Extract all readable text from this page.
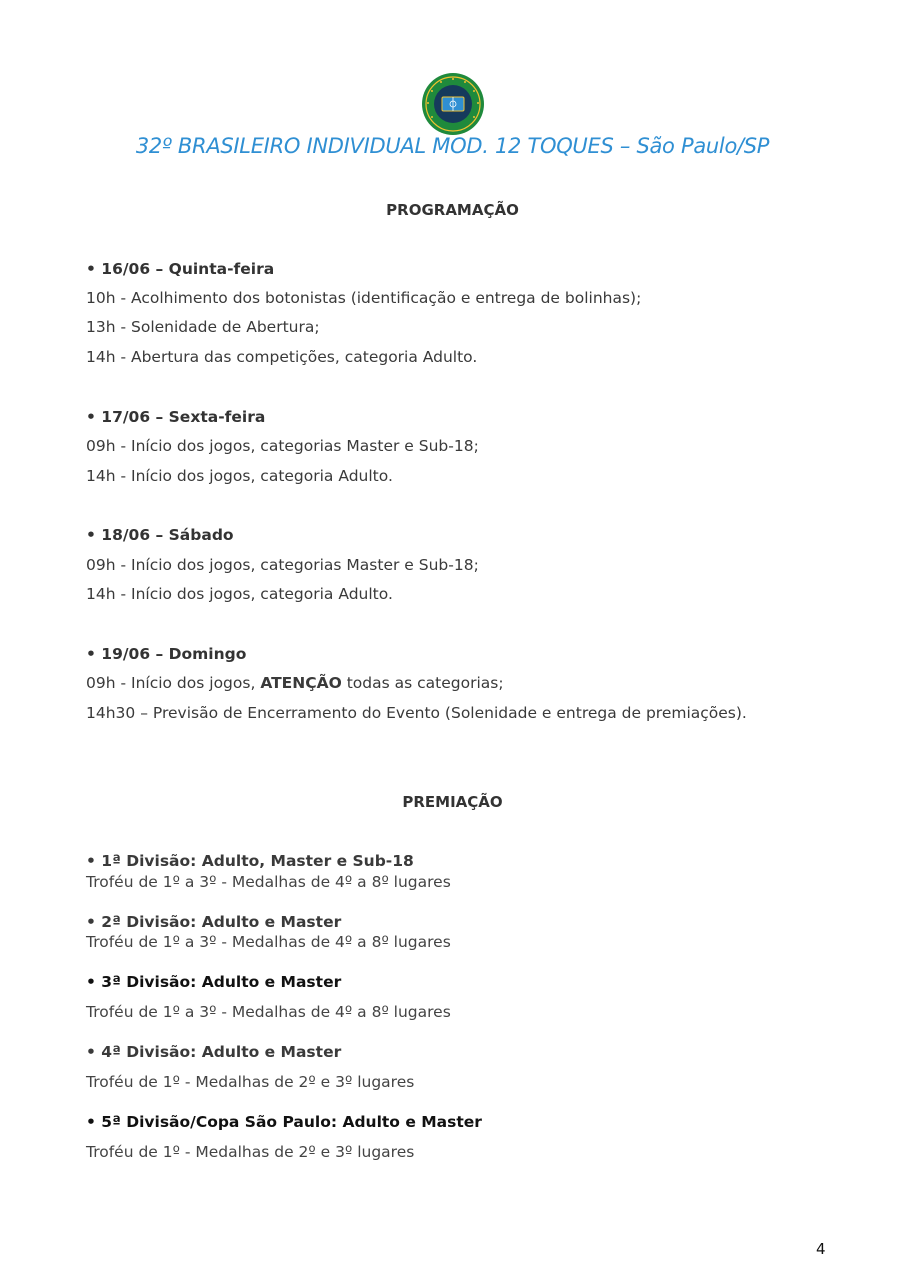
32º BRASILEIRO INDIVIDUAL MOD. 12 TOQUES – São Paulo/SP
PROGRAMAÇÃO
• 16/06 – Quinta-feira
10h - Acolhimento dos botonistas (identificação e entrega de bolinhas);
13h - Solenidade de Abertura;
14h - Abertura das competições, categoria Adulto.
• 17/06 – Sexta-feira
09h - Início dos jogos, categorias Master e Sub-18;
14h - Início dos jogos, categoria Adulto.
• 18/06 – Sábado
09h - Início dos jogos, categorias Master e Sub-18;
14h - Início dos jogos, categoria Adulto.
• 19/06 – Domingo
09h - Início dos jogos, ATENÇÃO todas as categorias;
14h30 – Previsão de Encerramento do Evento (Solenidade e entrega de premiações).
PREMIAÇÃO
• 1ª Divisão: Adulto, Master e Sub-18
Troféu de 1º a 3º - Medalhas de 4º a 8º lugares
• 2ª Divisão: Adulto e Master
Troféu de 1º a 3º - Medalhas de 4º a 8º lugares
• 3ª Divisão: Adulto e Master
Troféu de 1º a 3º - Medalhas de 4º a 8º lugares
• 4ª Divisão: Adulto e Master
Troféu de 1º - Medalhas de 2º e 3º lugares
• 5ª Divisão/Copa São Paulo: Adulto e Master
Troféu de 1º - Medalhas de 2º e 3º lugares
4
